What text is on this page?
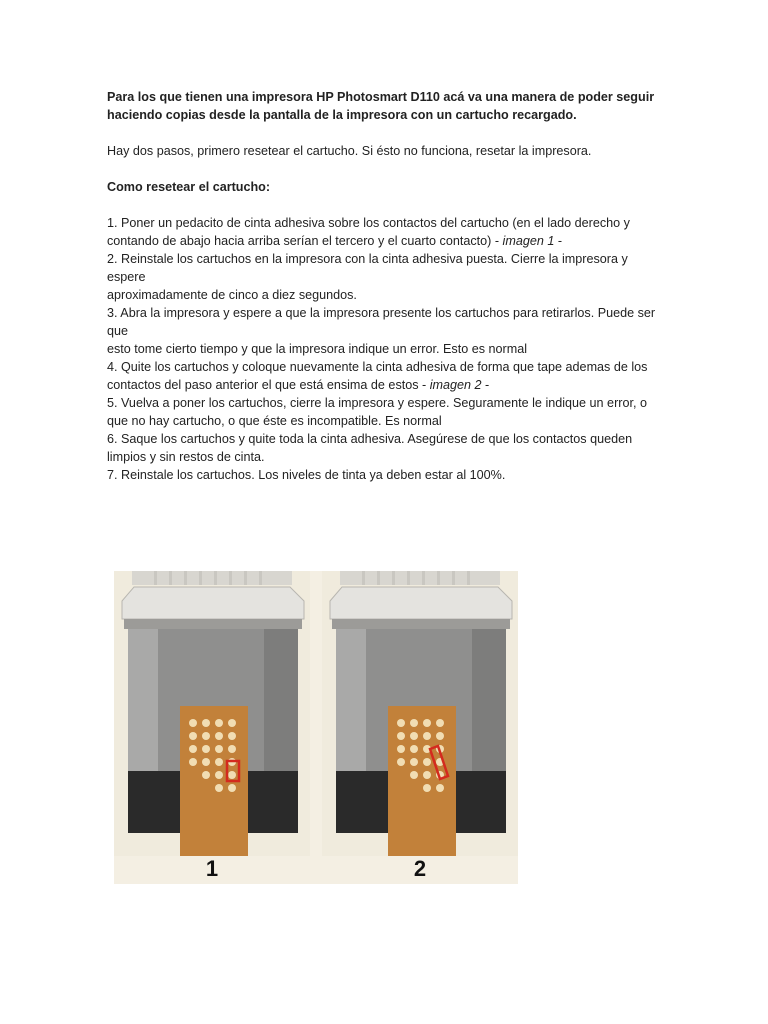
Para los que tienen una impresora HP Photosmart D110 acá va una manera de poder seguir haciendo copias desde la pantalla de la impresora con un cartucho recargado.

Hay dos pasos, primero resetear el cartucho. Si ésto no funciona, resetar la impresora.

Como resetear el cartucho:

1. Poner un pedacito de cinta adhesiva sobre los contactos del cartucho (en el lado derecho y
contando de abajo hacia arriba serían el tercero y el cuarto contacto) - imagen 1 -
2. Reinstale los cartuchos en la impresora con la cinta adhesiva puesta. Cierre la impresora y
espere
aproximadamente de cinco a diez segundos.
3. Abra la impresora y espere a que la impresora presente los cartuchos para retirarlos. Puede ser
que
esto tome cierto tiempo y que la impresora indique un error. Esto es normal
4. Quite los cartuchos y coloque nuevamente la cinta adhesiva de forma que tape ademas de los
contactos del paso anterior el que está ensima de estos - imagen 2 -
5. Vuelva a poner los cartuchos, cierre la impresora y espere. Seguramente le indique un error, o
que no hay cartucho, o que éste es incompatible. Es normal
6. Saque los cartuchos y quite toda la cinta adhesiva. Asegúrese de que los contactos queden
limpios y sin restos de cinta.
7. Reinstale los cartuchos. Los niveles de tinta ya deben estar al 100%.
1	2
